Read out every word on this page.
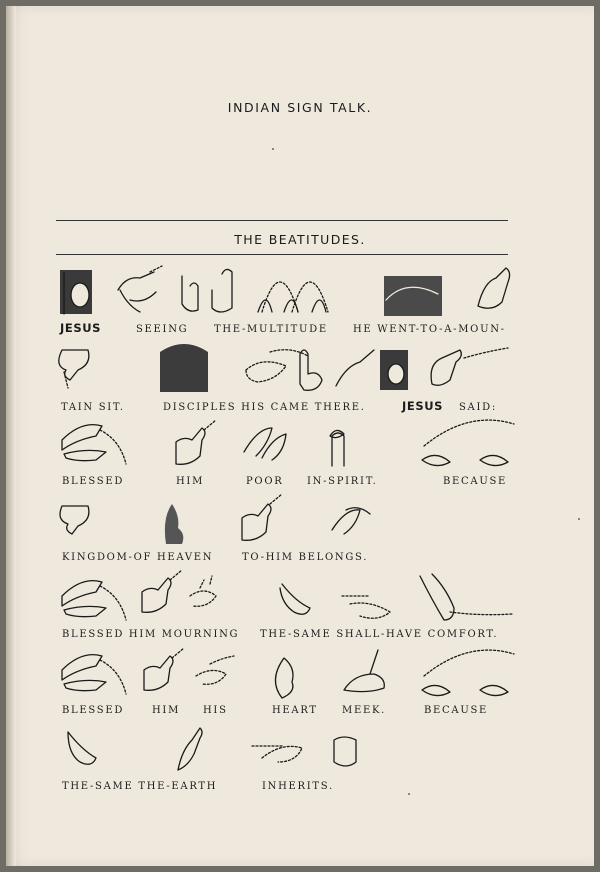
INDIAN SIGN TALK.
THE BEATITUDES.
JESUS	SEEING	THE-MULTITUDE	HE WENT-TO-A-MOUN-
TAIN SIT.	DISCIPLES HIS CAME THERE.	JESUS SAID:
BLESSED	HIM	POOR IN-SPIRIT.	BECAUSE
KINGDOM-OF HEAVEN	TO-HIM BELONGS.
BLESSED HIM MOURNING THE-SAME SHALL-HAVE COMFORT.
BLESSED	HIM HIS	HEART MEEK.	BECAUSE
THE-SAME THE-EARTH	INHERITS.
